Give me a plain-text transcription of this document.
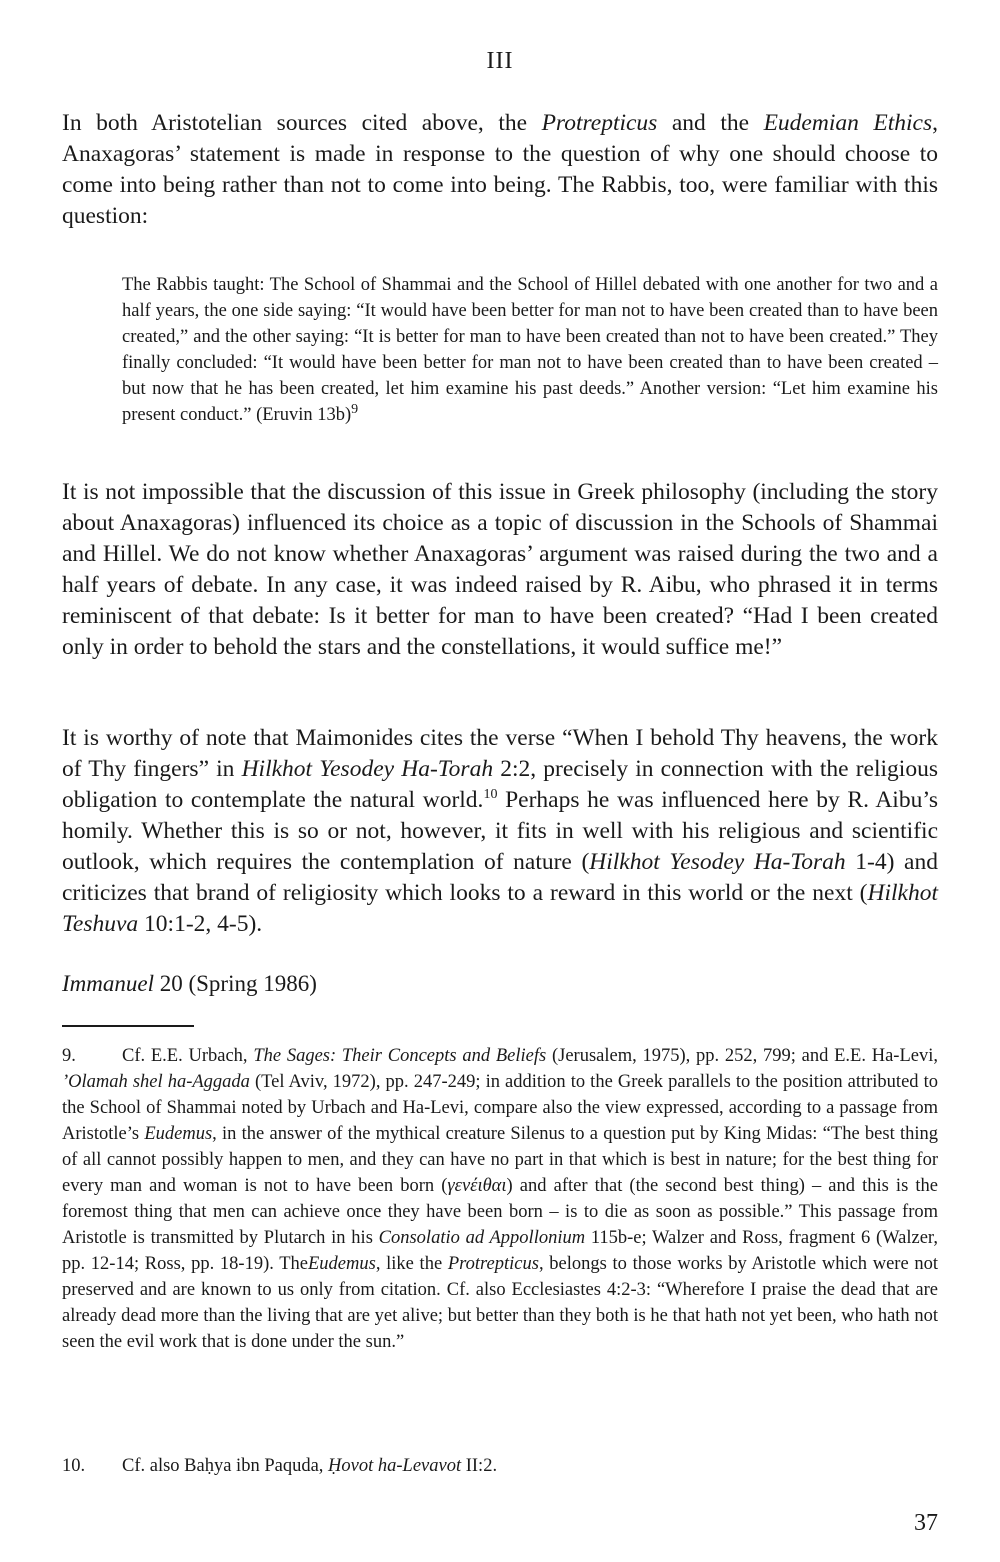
III

In both Aristotelian sources cited above, the Protrepticus and the Eudemian Ethics, Anaxagoras’ statement is made in response to the question of why one should choose to come into being rather than not to come into being. The Rabbis, too, were familiar with this question:

The Rabbis taught: The School of Shammai and the School of Hillel debated with one another for two and a half years, the one side saying: “It would have been better for man not to have been created than to have been created,” and the other saying: “It is better for man to have been created than not to have been created.” They finally concluded: “It would have been better for man not to have been created than to have been created – but now that he has been created, let him examine his past deeds.” Another version: “Let him examine his present conduct.” (Eruvin 13b)$^9$

It is not impossible that the discussion of this issue in Greek philosophy (including the story about Anaxagoras) influenced its choice as a topic of discussion in the Schools of Shammai and Hillel. We do not know whether Anaxagoras’ argument was raised during the two and a half years of debate. In any case, it was indeed raised by R. Aibu, who phrased it in terms reminiscent of that debate: Is it better for man to have been created? “Had I been created only in order to behold the stars and the constellations, it would suffice me!”

It is worthy of note that Maimonides cites the verse “When I behold Thy heavens, the work of Thy fingers” in Hilkhot Yesodey Ha-Torah 2:2, precisely in connection with the religious obligation to contemplate the natural world.$^{10}$ Perhaps he was influenced here by R. Aibu’s homily. Whether this is so or not, however, it fits in well with his religious and scientific outlook, which requires the contemplation of nature (Hilkhot Yesodey Ha-Torah 1-4) and criticizes that brand of religiosity which looks to a reward in this world or the next (Hilkhot Teshuva 10:1-2, 4-5).

Immanuel 20 (Spring 1986)

9. Cf. E.E. Urbach, The Sages: Their Concepts and Beliefs (Jerusalem, 1975), pp. 252, 799; and E.E. Ha-Levi, ’Olamah shel ha-Aggada (Tel Aviv, 1972), pp. 247-249; in addition to the Greek parallels to the position attributed to the School of Shammai noted by Urbach and Ha-Levi, compare also the view expressed, according to a passage from Aristotle’s Eudemus, in the answer of the mythical creature Silenus to a question put by King Midas: “The best thing of all cannot possibly happen to men, and they can have no part in that which is best in nature; for the best thing for every man and woman is not to have been born (γενέιθαι) and after that (the second best thing) – and this is the foremost thing that men can achieve once they have been born – is to die as soon as possible.” This passage from Aristotle is transmitted by Plutarch in his Consolatio ad Appollonium 115b-e; Walzer and Ross, fragment 6 (Walzer, pp. 12-14; Ross, pp. 18-19). TheEudemus, like the Protrepticus, belongs to those works by Aristotle which were not preserved and are known to us only from citation. Cf. also Ecclesiastes 4:2-3: “Wherefore I praise the dead that are already dead more than the living that are yet alive; but better than they both is he that hath not yet been, who hath not seen the evil work that is done under the sun.”

10. Cf. also Baḥya ibn Paquda, Ḥovot ha-Levavot II:2.

37
